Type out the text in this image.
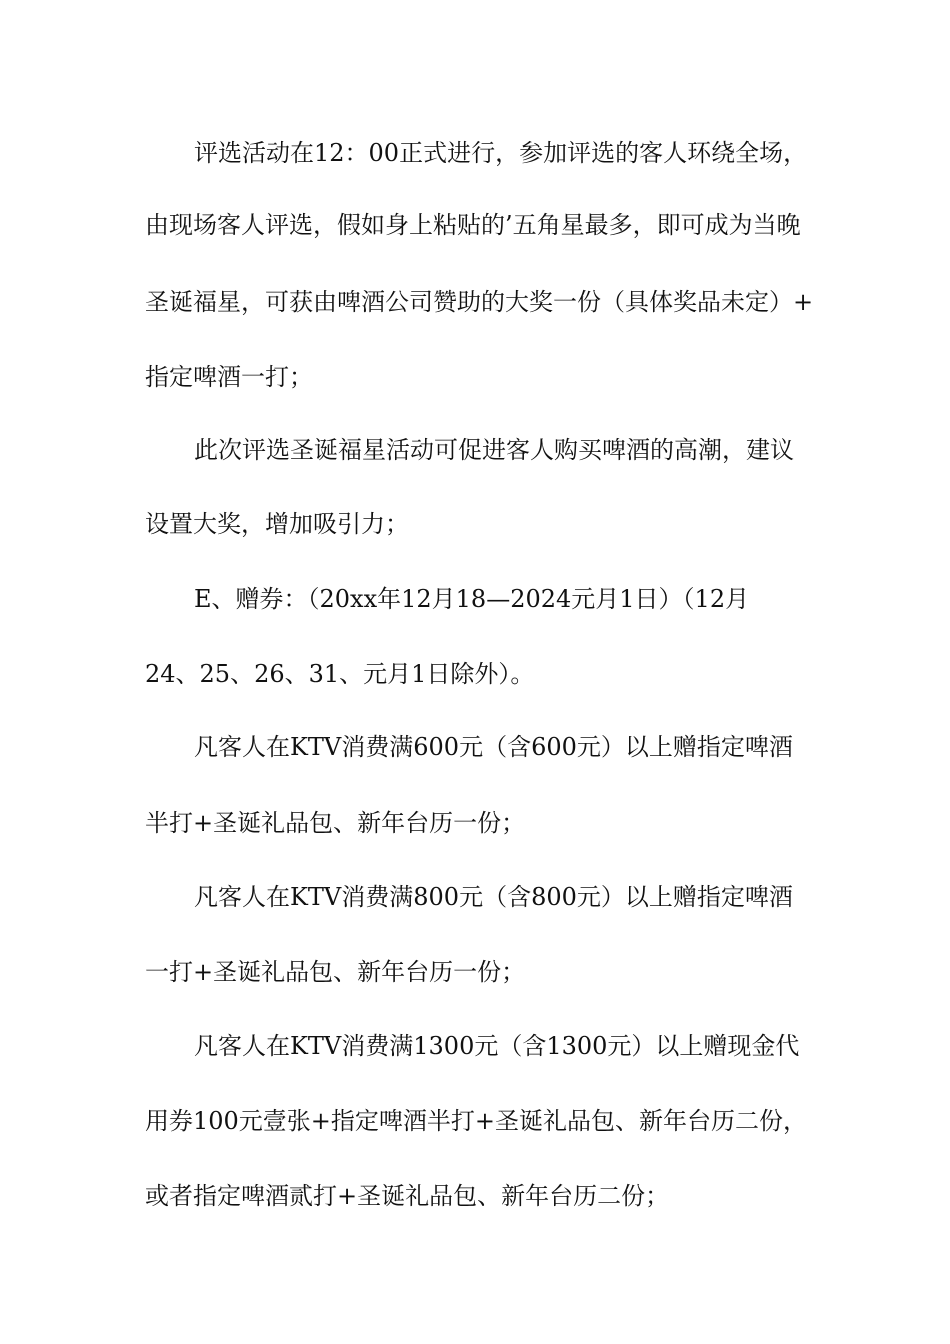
评选活动在12：00正式进行，参加评选的客人环绕全场，
由现场客人评选，假如身上粘贴的’五角星最多，即可成为当晚
圣诞福星，可获由啤酒公司赞助的大奖一份（具体奖品未定）+
指定啤酒一打；
此次评选圣诞福星活动可促进客人购买啤酒的高潮，建议
设置大奖，增加吸引力；
E、赠券：（20xx年12月18—2024元月1日）（12月
24、25、26、31、元月1日除外）。
凡客人在KTV消费满600元（含600元）以上赠指定啤酒
半打+圣诞礼品包、新年台历一份；
凡客人在KTV消费满800元（含800元）以上赠指定啤酒
一打+圣诞礼品包、新年台历一份；
凡客人在KTV消费满1300元（含1300元）以上赠现金代
用券100元壹张+指定啤酒半打+圣诞礼品包、新年台历二份，
或者指定啤酒贰打+圣诞礼品包、新年台历二份；
